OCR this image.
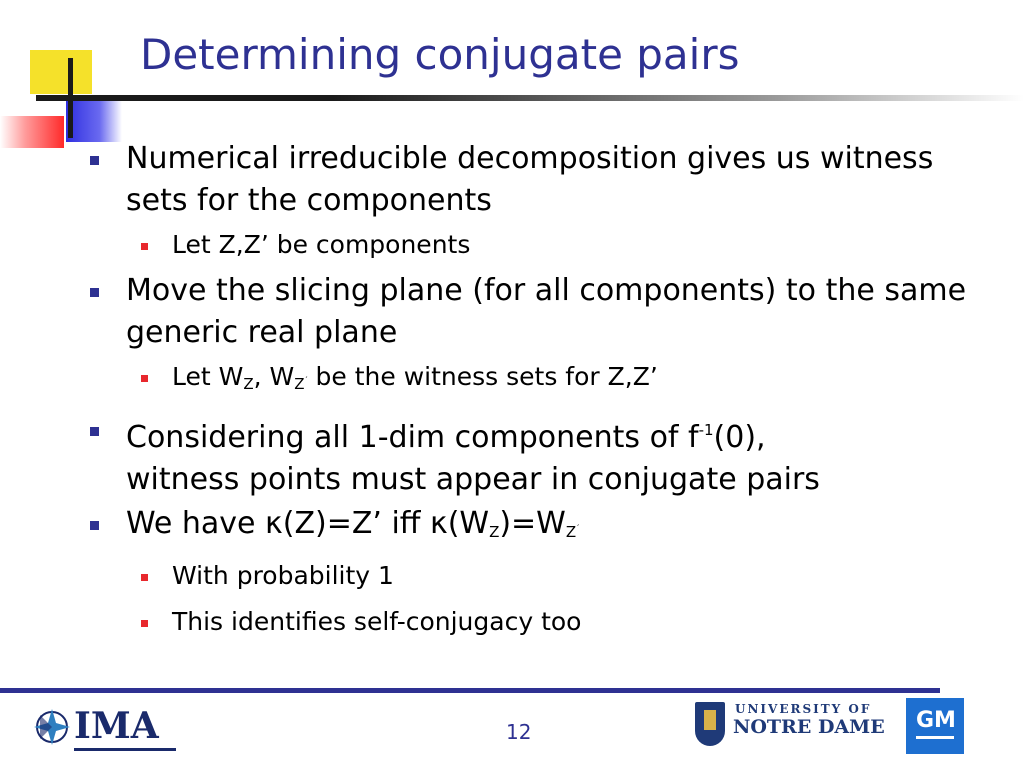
Determining conjugate pairs

Numerical irreducible decomposition gives us witness sets for the components

Let Z,Z’ be components

Move the slicing plane (for all components) to the same generic real plane

Let $W_Z$, $W_{Z'}$ be the witness sets for Z,Z’

Considering all 1-dim components of $f^{-1}(0)$,
witness points must appear in conjugate pairs

We have κ(Z)=Z’ iff $\kappa(W_Z)=W_{Z'}$

With probability 1

This identifies self-conjugacy too

IMA	12
UNIVERSITY OF
NOTRE DAME GM
